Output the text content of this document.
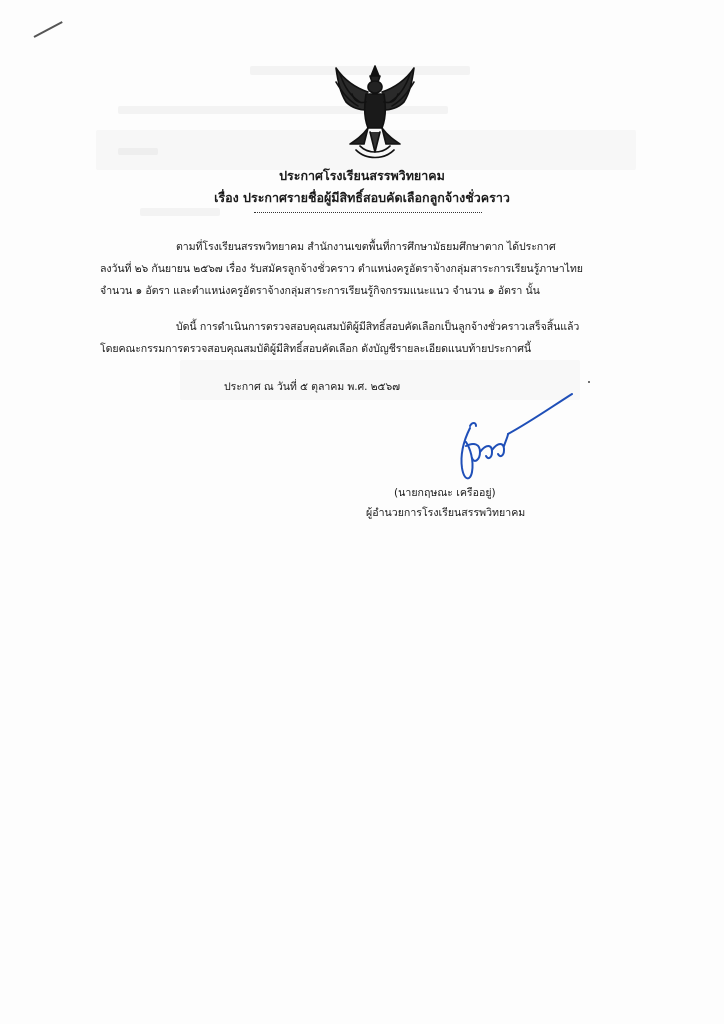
ประกาศโรงเรียนสรรพวิทยาคม
เรื่อง ประกาศรายชื่อผู้มีสิทธิ์สอบคัดเลือกลูกจ้างชั่วคราว
ตามที่โรงเรียนสรรพวิทยาคม สำนักงานเขตพื้นที่การศึกษามัธยมศึกษาตาก ได้ประกาศ
ลงวันที่ ๒๖ กันยายน ๒๕๖๗ เรื่อง รับสมัครลูกจ้างชั่วคราว ตำแหน่งครูอัตราจ้างกลุ่มสาระการเรียนรู้ภาษาไทย
จำนวน ๑ อัตรา และตำแหน่งครูอัตราจ้างกลุ่มสาระการเรียนรู้กิจกรรมแนะแนว จำนวน ๑ อัตรา นั้น
บัดนี้ การดำเนินการตรวจสอบคุณสมบัติผู้มีสิทธิ์สอบคัดเลือกเป็นลูกจ้างชั่วคราวเสร็จสิ้นแล้ว
โดยคณะกรรมการตรวจสอบคุณสมบัติผู้มีสิทธิ์สอบคัดเลือก ดังบัญชีรายละเอียดแนบท้ายประกาศนี้
ประกาศ ณ วันที่ ๕ ตุลาคม พ.ศ. ๒๕๖๗
(นายกฤษณะ เครืออยู่)
ผู้อำนวยการโรงเรียนสรรพวิทยาคม
